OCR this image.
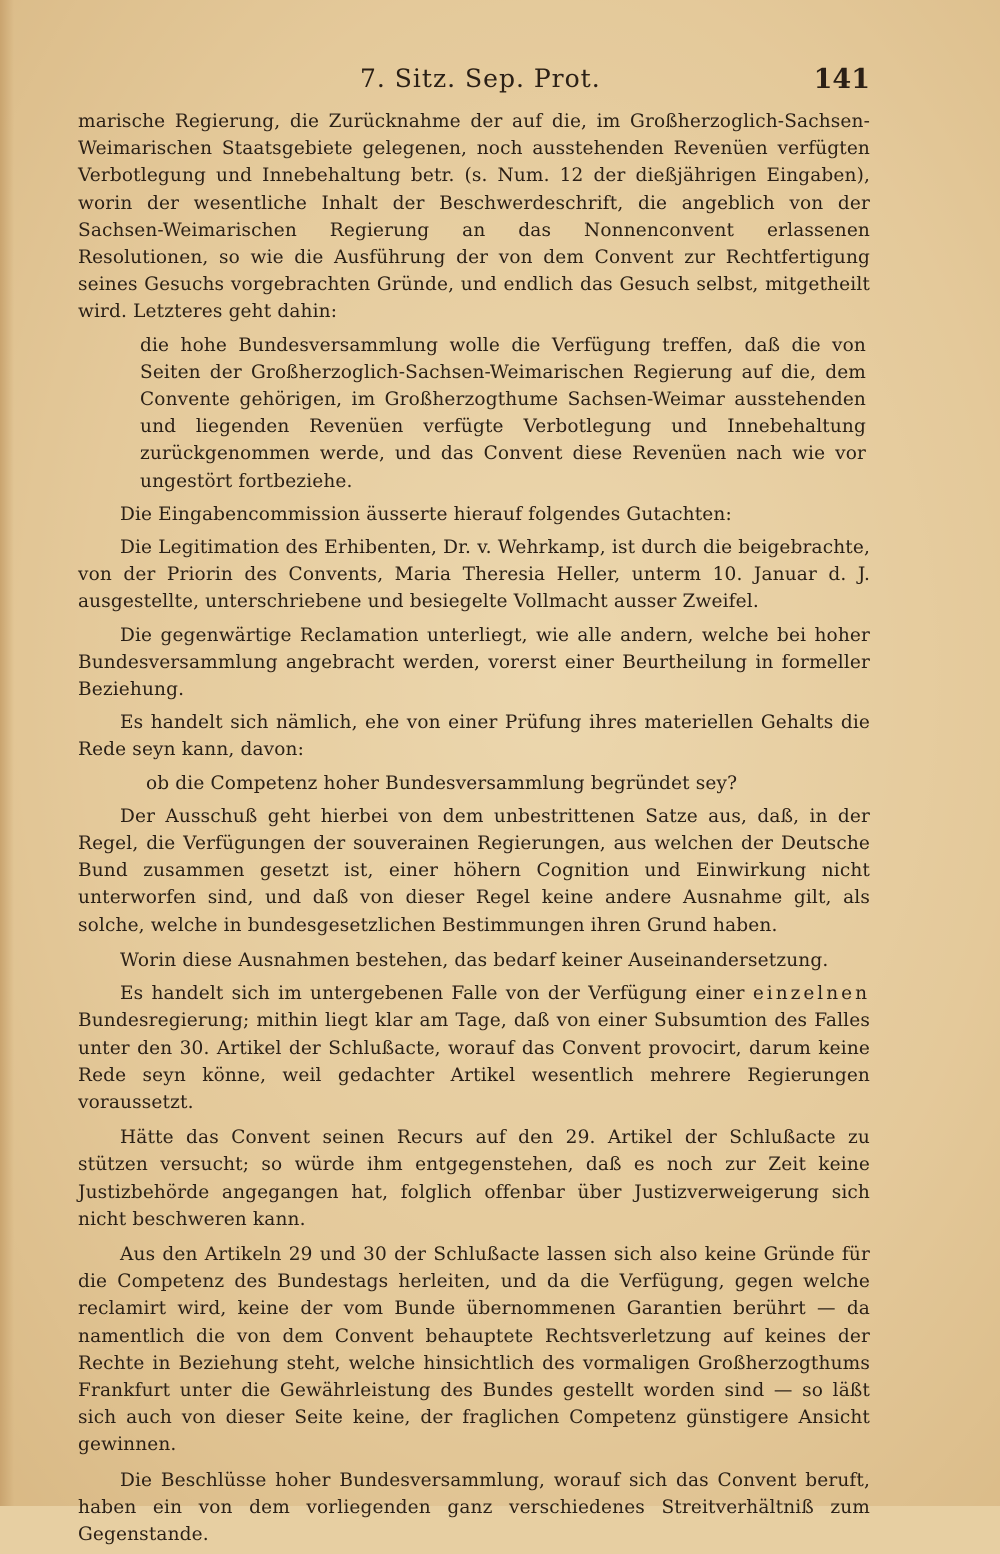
7. Sitz. Sep. Prot.	141

marische Regierung, die Zurücknahme der auf die, im Großherzoglich-Sachsen-Weimarischen Staatsgebiete gelegenen, noch ausstehenden Revenüen verfügten Verbotlegung und Innebehaltung betr. (s. Num. 12 der dießjährigen Eingaben), worin der wesentliche Inhalt der Beschwerdeschrift, die angeblich von der Sachsen-Weimarischen Regierung an das Nonnenconvent erlassenen Resolutionen, so wie die Ausführung der von dem Convent zur Rechtfertigung seines Gesuchs vorgebrachten Gründe, und endlich das Gesuch selbst, mitgetheilt wird. Letzteres geht dahin:

die hohe Bundesversammlung wolle die Verfügung treffen, daß die von Seiten der Großherzoglich-Sachsen-Weimarischen Regierung auf die, dem Convente gehörigen, im Großherzogthume Sachsen-Weimar ausstehenden und liegenden Revenüen verfügte Verbotlegung und Innebehaltung zurückgenommen werde, und das Convent diese Revenüen nach wie vor ungestört fortbeziehe.

Die Eingabencommission äusserte hierauf folgendes Gutachten:

Die Legitimation des Erhibenten, Dr. v. Wehrkamp, ist durch die beigebrachte, von der Priorin des Convents, Maria Theresia Heller, unterm 10. Januar d. J. ausgestellte, unterschriebene und besiegelte Vollmacht ausser Zweifel.

Die gegenwärtige Reclamation unterliegt, wie alle andern, welche bei hoher Bundesversammlung angebracht werden, vorerst einer Beurtheilung in formeller Beziehung.

Es handelt sich nämlich, ehe von einer Prüfung ihres materiellen Gehalts die Rede seyn kann, davon:

ob die Competenz hoher Bundesversammlung begründet sey?

Der Ausschuß geht hierbei von dem unbestrittenen Satze aus, daß, in der Regel, die Verfügungen der souverainen Regierungen, aus welchen der Deutsche Bund zusammen gesetzt ist, einer höhern Cognition und Einwirkung nicht unterworfen sind, und daß von dieser Regel keine andere Ausnahme gilt, als solche, welche in bundesgesetzlichen Bestimmungen ihren Grund haben.

Worin diese Ausnahmen bestehen, das bedarf keiner Auseinandersetzung.

Es handelt sich im untergebenen Falle von der Verfügung einer einzelnen Bundesregierung; mithin liegt klar am Tage, daß von einer Subsumtion des Falles unter den 30. Artikel der Schlußacte, worauf das Convent provocirt, darum keine Rede seyn könne, weil gedachter Artikel wesentlich mehrere Regierungen voraussetzt.

Hätte das Convent seinen Recurs auf den 29. Artikel der Schlußacte zu stützen versucht; so würde ihm entgegenstehen, daß es noch zur Zeit keine Justizbehörde angegangen hat, folglich offenbar über Justizverweigerung sich nicht beschweren kann.

Aus den Artikeln 29 und 30 der Schlußacte lassen sich also keine Gründe für die Competenz des Bundestags herleiten, und da die Verfügung, gegen welche reclamirt wird, keine der vom Bunde übernommenen Garantien berührt — da namentlich die von dem Convent behauptete Rechtsverletzung auf keines der Rechte in Beziehung steht, welche hinsichtlich des vormaligen Großherzogthums Frankfurt unter die Gewährleistung des Bundes gestellt worden sind — so läßt sich auch von dieser Seite keine, der fraglichen Competenz günstigere Ansicht gewinnen.

Die Beschlüsse hoher Bundesversammlung, worauf sich das Convent beruft, haben ein von dem vorliegenden ganz verschiedenes Streitverhältniß zum Gegenstande.
